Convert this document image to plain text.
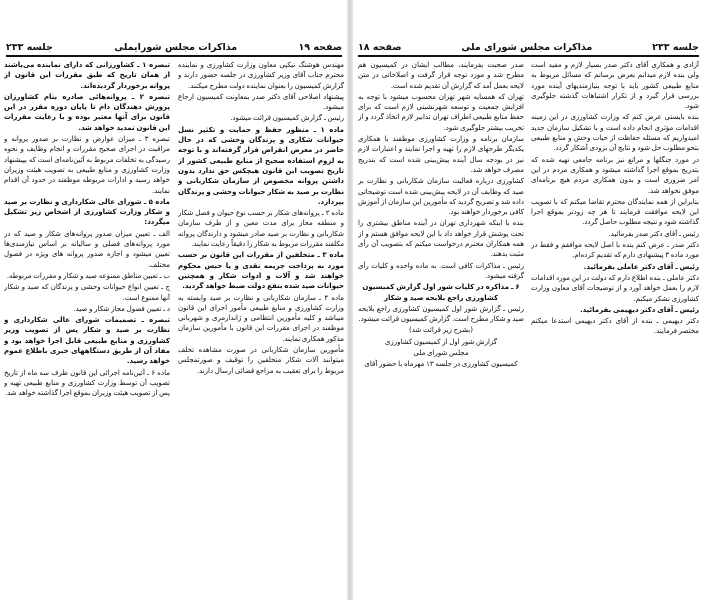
صفحه ۱۹
مذاکرات مجلس شورایملی
جلسه ۲۳۳

مهندس هوشنگ نیکپی معاون وزارت کشاورزی و نماینده محترم جناب آقای وزیر کشاورزی در جلسه حضور دارند و گزارش کمیسیون را بعنوان نماینده دولت مطرح میکنند.

پیشنهاد اصلاحی آقای دکتر صدر بمعاونت کمیسیون ارجاع میشود.

رئیس ـ گزارش کمیسیون قرائت میشود.

ماده ۱ ـ منظور حفظ و حمایت و تکثیر نسل حیوانات شکاری و پرندگان وحشی که در حال حاضر در معرض انقراض قرار گرفته‌اند و با توجه به لزوم استفاده صحیح از منابع طبیعی کشور از تاریخ تصویب این قانون هیچکس حق ندارد بدون داشتن پروانه مخصوص از سازمان شکاربانی و نظارت بر صید به شکار حیوانات وحشی و پرندگان بپردازد.

ماده ۲ ـ پروانه‌های شکار بر حسب نوع حیوان و فصل شکار و منطقه مجاز برای مدت معین و از طرف سازمان شکاربانی و نظارت بر صید صادر میشود و دارندگان پروانه مکلفند مقررات مربوط به شکار را دقیقاً رعایت نمایند.

ماده ۳ ـ متخلفین از مقررات این قانون بر حسب مورد به پرداخت جریمه نقدی و یا حبس محکوم خواهند شد و آلات و ادوات شکار و همچنین حیوانات صید شده بنفع دولت ضبط خواهد گردید.

ماده ۴ ـ سازمان شکاربانی و نظارت بر صید وابسته به وزارت کشاورزی و منابع طبیعی مأمور اجرای این قانون میباشد و کلیه مأمورین انتظامی و ژاندارمری و شهربانی موظفند در اجرای مقررات این قانون با مأمورین سازمان مذکور همکاری نمایند.

مأمورین سازمان شکاربانی در صورت مشاهده تخلف میتوانند آلات شکار متخلفین را توقیف و صورتمجلس مربوط را برای تعقیب به مراجع قضائی ارسال دارند.

تبصره ۱ ـ کشاورزانی که دارای نماینده می‌باشند از همان تاریخ که طبق مقررات این قانون از پروانه برخوردار گردیده‌اند.

تبصره ۲ ـ پروانه‌هائی صادره بنام کشاورزان پرورش دهندگان دام تا پایان دوره مقرر در این قانون برای آنها معتبر بوده و با رعایت مقررات این قانون تمدید خواهد شد.

تبصره ۳ ـ میزان عوارض و نظارت بر صدور پروانه و مراقبت در اجرای صحیح مقررات و انجام وظایف و نحوه رسیدگی به تخلفات مربوط به آئین‌نامه‌ای است که بپیشنهاد وزارت کشاورزی و منابع طبیعی به تصویب هیئت وزیران خواهد رسید و ادارات مربوطه موظفند در حدود آن اقدام نمایند.

ماده ۵ ـ شورای عالی شکارداری و نظارت بر صید و شکار وزارت کشاورزی از اشخاص زیر تشکیل میگردد:

الف ـ تعیین میزان صدور پروانه‌های شکار و صید که در مورد پروانه‌های فصلی و سالیانه بر اساس نیازمندی‌ها تعیین میشود و اجازه صدور پروانه های ویژه در فصول مختلف.

ب ـ تعیین مناطق ممنوعه صید و شکار و مقررات مربوطه.

ج ـ تعیین انواع حیوانات وحشی و پرندگان که صید و شکار آنها ممنوع است.

د ـ تعیین فصول مجاز شکار و صید.

تبصره ـ تصمیمات شورای عالی شکارداری و نظارت بر صید و شکار پس از تصویب وزیر کشاورزی و منابع طبیعی قابل اجرا خواهد بود و مفاد آن از طریق دستگاههای خبری باطلاع عموم خواهد رسید.

ماده ۶ ـ آئین‌نامه اجرائی این قانون ظرف سه ماه از تاریخ تصویب آن توسط وزارت کشاورزی و منابع طبیعی تهیه و پس از تصویب هیئت وزیران بموقع اجرا گذاشته خواهد شد.

جلسه ۲۳۳
مذاکرات مجلس شورای ملی
صفحه ۱۸

آزادی و همکاری آقای دکتر صدر بسیار لازم و مفید است ولی بنده لازم میدانم بعرض برسانم که مسائل مربوط به منابع طبیعی کشور باید با توجه بنیازمندیهای آینده مورد بررسی قرار گیرد و از تکرار اشتباهات گذشته جلوگیری شود.

بنده بایستی عرض کنم که وزارت کشاورزی در این زمینه اقدامات مؤثری انجام داده است و با تشکیل سازمان جدید امیدواریم که مسئله حفاظت از حیات وحش و منابع طبیعی بنحو مطلوب حل شود و نتایج آن بزودی آشکار گردد.

در مورد جنگلها و مراتع نیز برنامه جامعی تهیه شده که بتدریج بموقع اجرا گذاشته میشود و همکاری مردم در این امر ضروری است و بدون همکاری مردم هیچ برنامه‌ای موفق نخواهد شد.

بنابراین از همه نمایندگان محترم تقاضا میکنم که با تصویب این لایحه موافقت فرمایند تا هر چه زودتر بموقع اجرا گذاشته شود و نتیجه مطلوب حاصل گردد.

رئیس ـ آقای دکتر صدر بفرمائید.

دکتر صدر ـ عرض کنم بنده با اصل لایحه موافقم و فقط در مورد ماده ۳ پیشنهادی دارم که تقدیم کرده‌ام.

رئیس ـ آقای دکتر عاملی بفرمائید.

دکتر عاملی ـ بنده اطلاع دارم که دولت در این مورد اقدامات لازم را بعمل خواهد آورد و از توضیحات آقای معاون وزارت کشاورزی تشکر میکنم.

رئیس ـ آقای دکتر دیهیمی بفرمائید.

دکتر دیهیمی ـ بنده از آقای دکتر دیهیمی استدعا میکنم مختصر فرمایند.

صدر صحبت بفرمایند، مطالب ایشان در کمیسیون هم مطرح شد و مورد توجه قرار گرفت و اصلاحاتی در متن لایحه بعمل آمد که گزارش آن تقدیم شده است.

تهران که همسایه شهر تهران محسوب میشود با توجه به افزایش جمعیت و توسعه شهرنشینی لازم است که برای حفظ منابع طبیعی اطراف تهران تدابیر لازم اتخاذ گردد و از تخریب بیشتر جلوگیری شود.

سازمان برنامه و وزارت کشاورزی موظفند با همکاری یکدیگر طرحهای لازم را تهیه و اجرا نمایند و اعتبارات لازم نیز در بودجه سال آینده پیش‌بینی شده است که بتدریج مصرف خواهد شد.

کشاورزی درباره فعالیت سازمان شکاربانی و نظارت بر صید که وظایف آن در لایحه پیش‌بینی شده است توضیحاتی داده شد و تصریح گردید که مأمورین این سازمان از آموزش کافی برخوردار خواهند بود.

بنده با اینکه شهرداری تهران در آینده مناطق بیشتری را تحت پوشش قرار خواهد داد با این لایحه موافق هستم و از همه همکاران محترم درخواست میکنم که بتصویب آن رأی مثبت بدهند.

رئیس ـ مذاکرات کافی است. به ماده واحده و کلیات رأی گرفته میشود.

۶ ـ مذاکره در کلیات شور اول گزارش کمیسیون کشاورزی راجع بلایحه صید و شکار

رئیس ـ گزارش شور اول کمیسیون کشاورزی راجع بلایحه صید و شکار مطرح است. گزارش کمیسیون قرائت میشود.

(بشرح زیر قرائت شد)

گزارش شور اول از کمیسیون کشاورزی

مجلس شورای ملی

کمیسیون کشاورزی در جلسه ۱۳ مهرماه با حضور آقای
